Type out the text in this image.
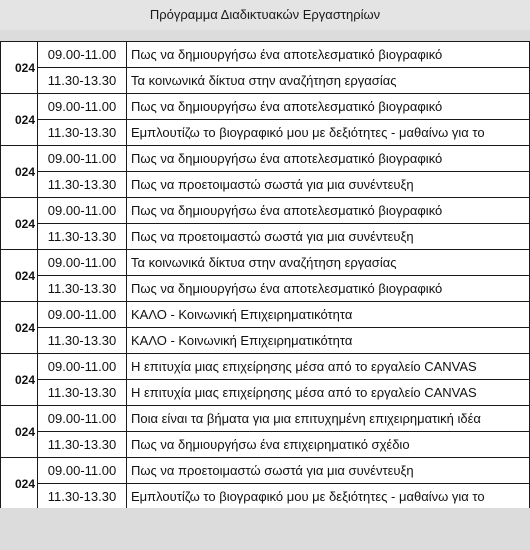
Πρόγραμμα Διαδικτυακών Εργαστηρίων
024	09.00-11.00	Πως να δημιουργήσω ένα αποτελεσματικό βιογραφικό
	11.30-13.30	Τα κοινωνικά δίκτυα στην αναζήτηση εργασίας
024	09.00-11.00	Πως να δημιουργήσω ένα αποτελεσματικό βιογραφικό
	11.30-13.30	Εμπλουτίζω το βιογραφικό μου με δεξιότητες - μαθαίνω για το
024	09.00-11.00	Πως να δημιουργήσω ένα αποτελεσματικό βιογραφικό
	11.30-13.30	Πως να προετοιμαστώ σωστά για μια συνέντευξη
024	09.00-11.00	Πως να δημιουργήσω ένα αποτελεσματικό βιογραφικό
	11.30-13.30	Πως να προετοιμαστώ σωστά για μια συνέντευξη
024	09.00-11.00	Τα κοινωνικά δίκτυα στην αναζήτηση εργασίας
	11.30-13.30	Πως να δημιουργήσω ένα αποτελεσματικό βιογραφικό
024	09.00-11.00	ΚΑΛΟ - Κοινωνική Επιχειρηματικότητα
	11.30-13.30	ΚΑΛΟ - Κοινωνική Επιχειρηματικότητα
024	09.00-11.00	Η επιτυχία μιας επιχείρησης μέσα από το εργαλείο CANVAS
	11.30-13.30	Η επιτυχία μιας επιχείρησης μέσα από το εργαλείο CANVAS
024	09.00-11.00	Ποια είναι τα βήματα για μια επιτυχημένη επιχειρηματική ιδέα
	11.30-13.30	Πως να δημιουργήσω ένα επιχειρηματικό σχέδιο
024	09.00-11.00	Πως να προετοιμαστώ σωστά για μια συνέντευξη
	11.30-13.30	Εμπλουτίζω το βιογραφικό μου με δεξιότητες - μαθαίνω για το
